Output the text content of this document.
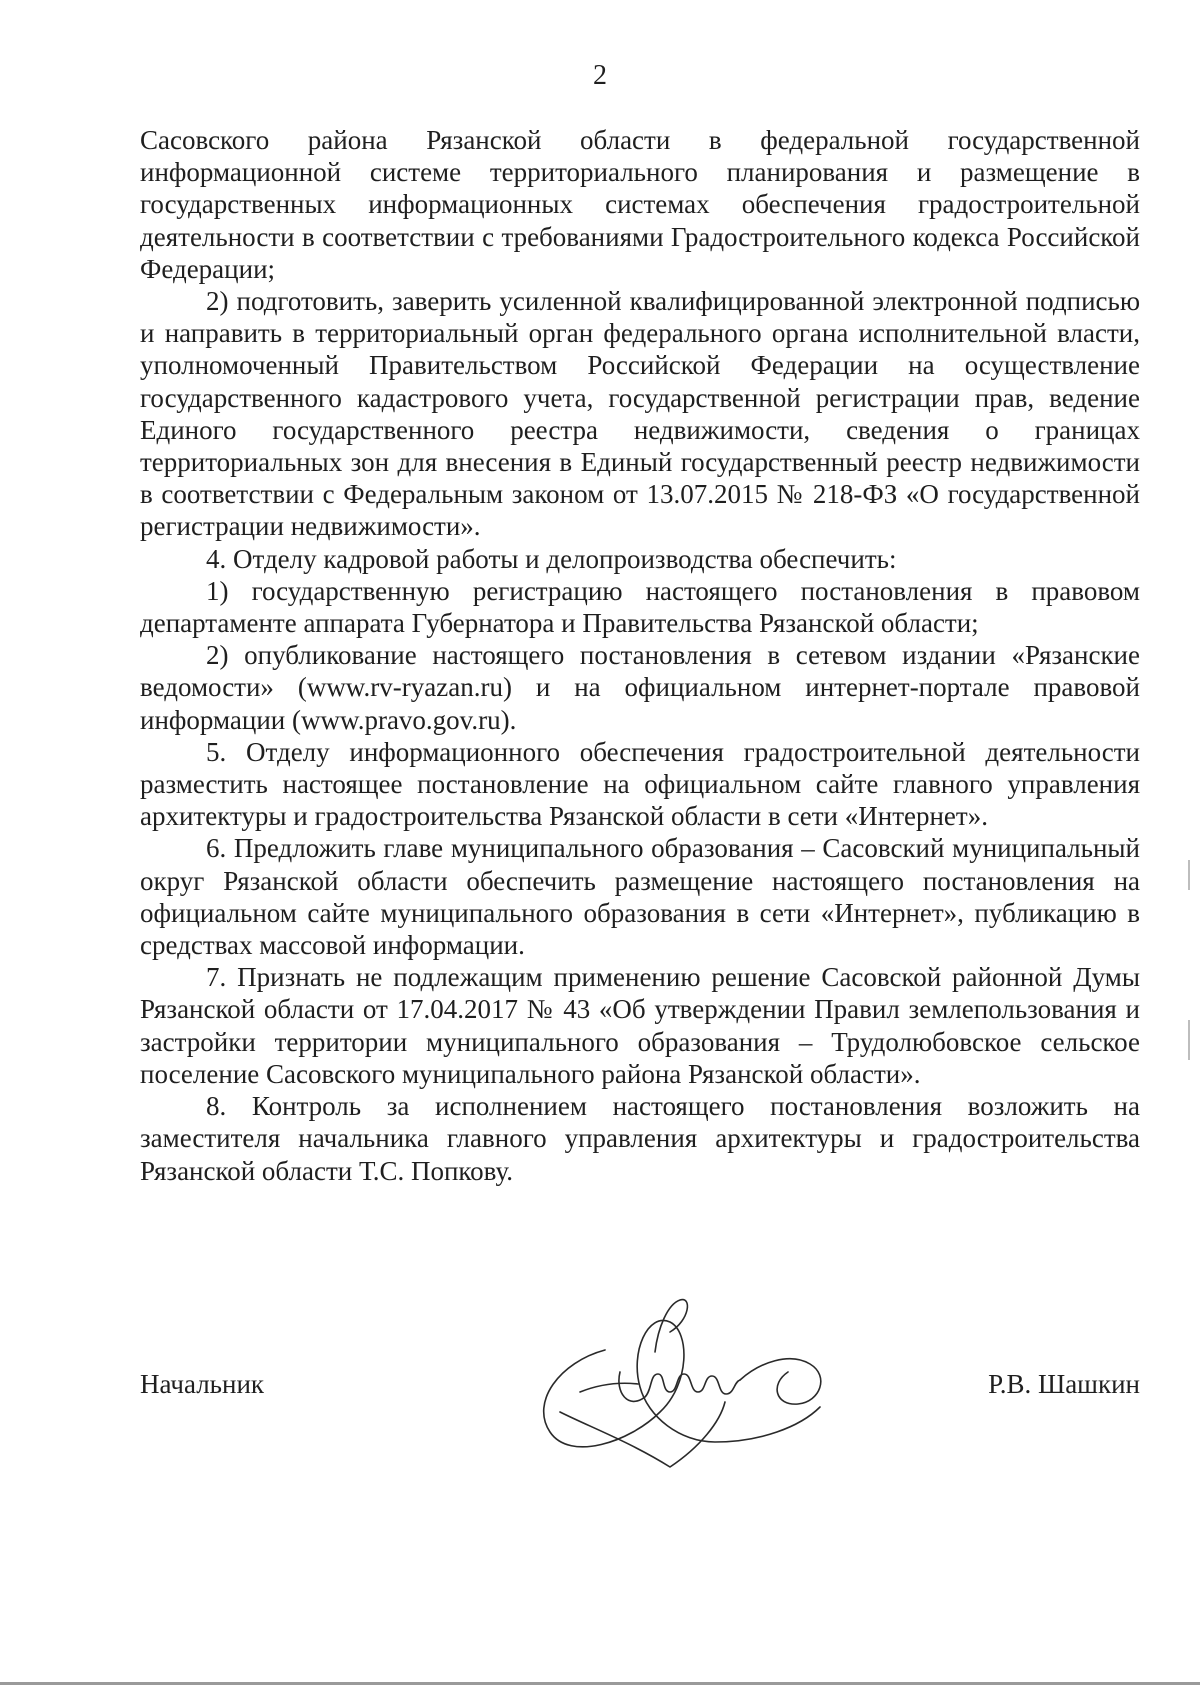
2

Сасовского района Рязанской области в федеральной государственной информационной системе территориального планирования и размещение в государственных информационных системах обеспечения градостроительной деятельности в соответствии с требованиями Градостроительного кодекса Российской Федерации;

2) подготовить, заверить усиленной квалифицированной электронной подписью и направить в территориальный орган федерального органа исполнительной власти, уполномоченный Правительством Российской Федерации на осуществление государственного кадастрового учета, государственной регистрации прав, ведение Единого государственного реестра недвижимости, сведения о границах территориальных зон для внесения в Единый государственный реестр недвижимости в соответствии с Федеральным законом от 13.07.2015 № 218-ФЗ «О государственной регистрации недвижимости».

4. Отделу кадровой работы и делопроизводства обеспечить:

1) государственную регистрацию настоящего постановления в правовом департаменте аппарата Губернатора и Правительства Рязанской области;

2) опубликование настоящего постановления в сетевом издании «Рязанские ведомости» (www.rv-ryazan.ru) и на официальном интернет-портале правовой информации (www.pravo.gov.ru).

5. Отделу информационного обеспечения градостроительной деятельности разместить настоящее постановление на официальном сайте главного управления архитектуры и градостроительства Рязанской области в сети «Интернет».

6. Предложить главе муниципального образования – Сасовский муниципальный округ Рязанской области обеспечить размещение настоящего постановления на официальном сайте муниципального образования в сети «Интернет», публикацию в средствах массовой информации.

7. Признать не подлежащим применению решение Сасовской районной Думы Рязанской области от 17.04.2017 № 43 «Об утверждении Правил землепользования и застройки территории муниципального образования – Трудолюбовское сельское поселение Сасовского муниципального района Рязанской области».

8. Контроль за исполнением настоящего постановления возложить на заместителя начальника главного управления архитектуры и градостроительства Рязанской области Т.С. Попкову.

Начальник	Р.В. Шашкин
